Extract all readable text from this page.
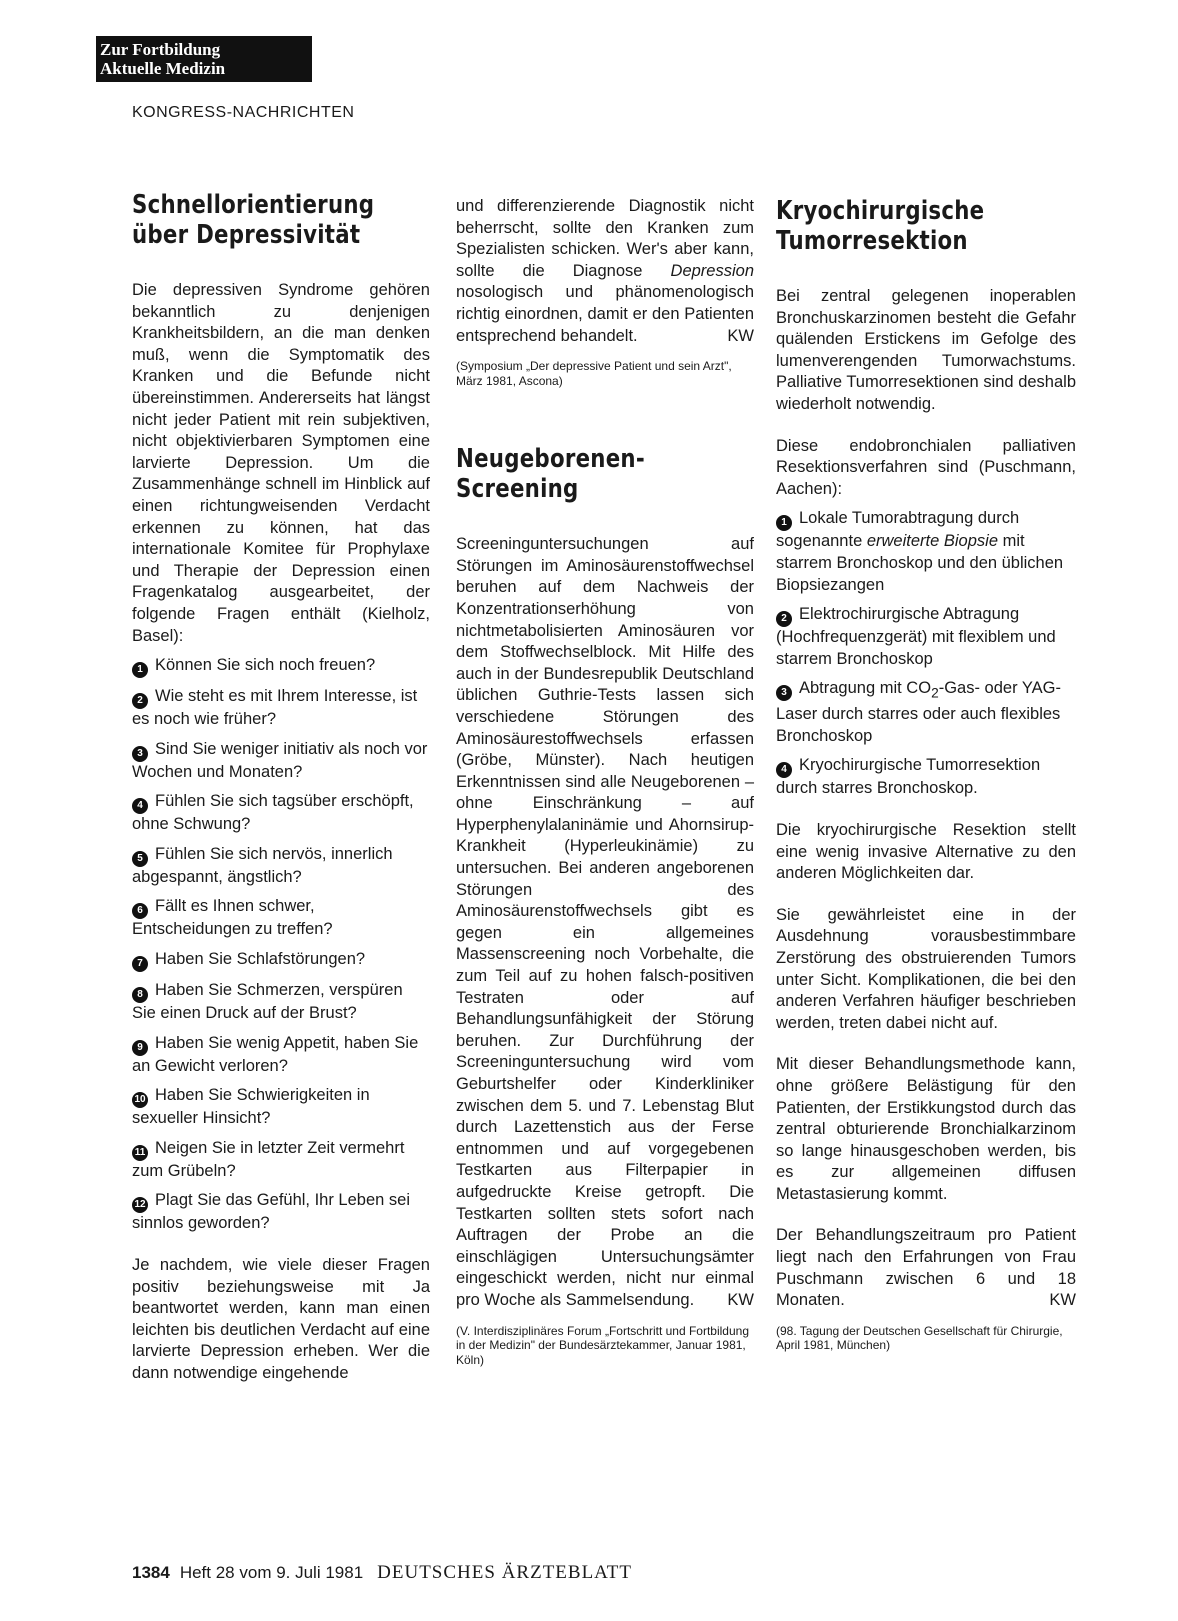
Zur Fortbildung
Aktuelle Medizin
KONGRESS-NACHRICHTEN
Schnellorientierung
über Depressivität

Die depressiven Syndrome gehören bekanntlich zu denjenigen Krankheitsbildern, an die man denken muß, wenn die Symptomatik des Kranken und die Befunde nicht übereinstimmen. Andererseits hat längst nicht jeder Patient mit rein subjektiven, nicht objektivierbaren Symptomen eine larvierte Depression. Um die Zusammenhänge schnell im Hinblick auf einen richtungweisenden Verdacht erkennen zu können, hat das internationale Komitee für Prophylaxe und Therapie der Depression einen Fragenkatalog ausgearbeitet, der folgende Fragen enthält (Kielholz, Basel):

1 Können Sie sich noch freuen?

2 Wie steht es mit Ihrem Interesse, ist es noch wie früher?

3 Sind Sie weniger initiativ als noch vor Wochen und Monaten?

4 Fühlen Sie sich tagsüber erschöpft, ohne Schwung?

5 Fühlen Sie sich nervös, innerlich abgespannt, ängstlich?

6 Fällt es Ihnen schwer, Entscheidungen zu treffen?

7 Haben Sie Schlafstörungen?

8 Haben Sie Schmerzen, verspüren Sie einen Druck auf der Brust?

9 Haben Sie wenig Appetit, haben Sie an Gewicht verloren?

10 Haben Sie Schwierigkeiten in sexueller Hinsicht?

11 Neigen Sie in letzter Zeit vermehrt zum Grübeln?

12 Plagt Sie das Gefühl, Ihr Leben sei sinnlos geworden?

Je nachdem, wie viele dieser Fragen positiv beziehungsweise mit Ja beantwortet werden, kann man einen leichten bis deutlichen Verdacht auf eine larvierte Depression erheben. Wer die dann notwendige eingehende

und differenzierende Diagnostik nicht beherrscht, sollte den Kranken zum Spezialisten schicken. Wer's aber kann, sollte die Diagnose Depression nosologisch und phänomenologisch richtig einordnen, damit er den Patienten entsprechend behandelt.	KW

(Symposium „Der depressive Patient und sein Arzt", März 1981, Ascona)

Neugeborenen-
Screening

Screeninguntersuchungen auf Störungen im Aminosäurenstoffwechsel beruhen auf dem Nachweis der Konzentrationserhöhung von nichtmetabolisierten Aminosäuren vor dem Stoffwechselblock. Mit Hilfe des auch in der Bundesrepublik Deutschland üblichen Guthrie-Tests lassen sich verschiedene Störungen des Aminosäurestoffwechsels erfassen (Gröbe, Münster). Nach heutigen Erkenntnissen sind alle Neugeborenen – ohne Einschränkung – auf Hyperphenylalaninämie und Ahornsirup-Krankheit (Hyperleukinämie) zu untersuchen. Bei anderen angeborenen Störungen des Aminosäurenstoffwechsels gibt es gegen ein allgemeines Massenscreening noch Vorbehalte, die zum Teil auf zu hohen falsch-positiven Testraten oder auf Behandlungsunfähigkeit der Störung beruhen. Zur Durchführung der Screeninguntersuchung wird vom Geburtshelfer oder Kinderkliniker zwischen dem 5. und 7. Lebenstag Blut durch Lazettenstich aus der Ferse entnommen und auf vorgegebenen Testkarten aus Filterpapier in aufgedruckte Kreise getropft. Die Testkarten sollten stets sofort nach Auftragen der Probe an die einschlägigen Untersuchungsämter eingeschickt werden, nicht nur einmal pro Woche als Sammelsendung. KW

(V. Interdisziplinäres Forum „Fortschritt und Fortbildung in der Medizin" der Bundesärztekammer, Januar 1981, Köln)

Kryochirurgische
Tumorresektion

Bei zentral gelegenen inoperablen Bronchuskarzinomen besteht die Gefahr quälenden Erstickens im Gefolge des lumenverengenden Tumorwachstums. Palliative Tumorresektionen sind deshalb wiederholt notwendig.

Diese endobronchialen palliativen Resektionsverfahren sind (Puschmann, Aachen):

1 Lokale Tumorabtragung durch sogenannte erweiterte Biopsie mit starrem Bronchoskop und den üblichen Biopsiezangen

2 Elektrochirurgische Abtragung (Hochfrequenzgerät) mit flexiblem und starrem Bronchoskop

3 Abtragung mit $CO_2-Gas-$ oder YAG-Laser durch starres oder auch flexibles Bronchoskop

4 Kryochirurgische Tumorresektion durch starres Bronchoskop.

Die kryochirurgische Resektion stellt eine wenig invasive Alternative zu den anderen Möglichkeiten dar.

Sie gewährleistet eine in der Ausdehnung vorausbestimmbare Zerstörung des obstruierenden Tumors unter Sicht. Komplikationen, die bei den anderen Verfahren häufiger beschrieben werden, treten dabei nicht auf.

Mit dieser Behandlungsmethode kann, ohne größere Belästigung für den Patienten, der Erstikkungstod durch das zentral obturierende Bronchialkarzinom so lange hinausgeschoben werden, bis es zur allgemeinen diffusen Metastasierung kommt.

Der Behandlungszeitraum pro Patient liegt nach den Erfahrungen von Frau Puschmann zwischen 6 und 18 Monaten.	KW

(98. Tagung der Deutschen Gesellschaft für Chirurgie, April 1981, München)

1384 Heft 28 vom 9. Juli 1981 DEUTSCHES ÄRZTEBLATT
